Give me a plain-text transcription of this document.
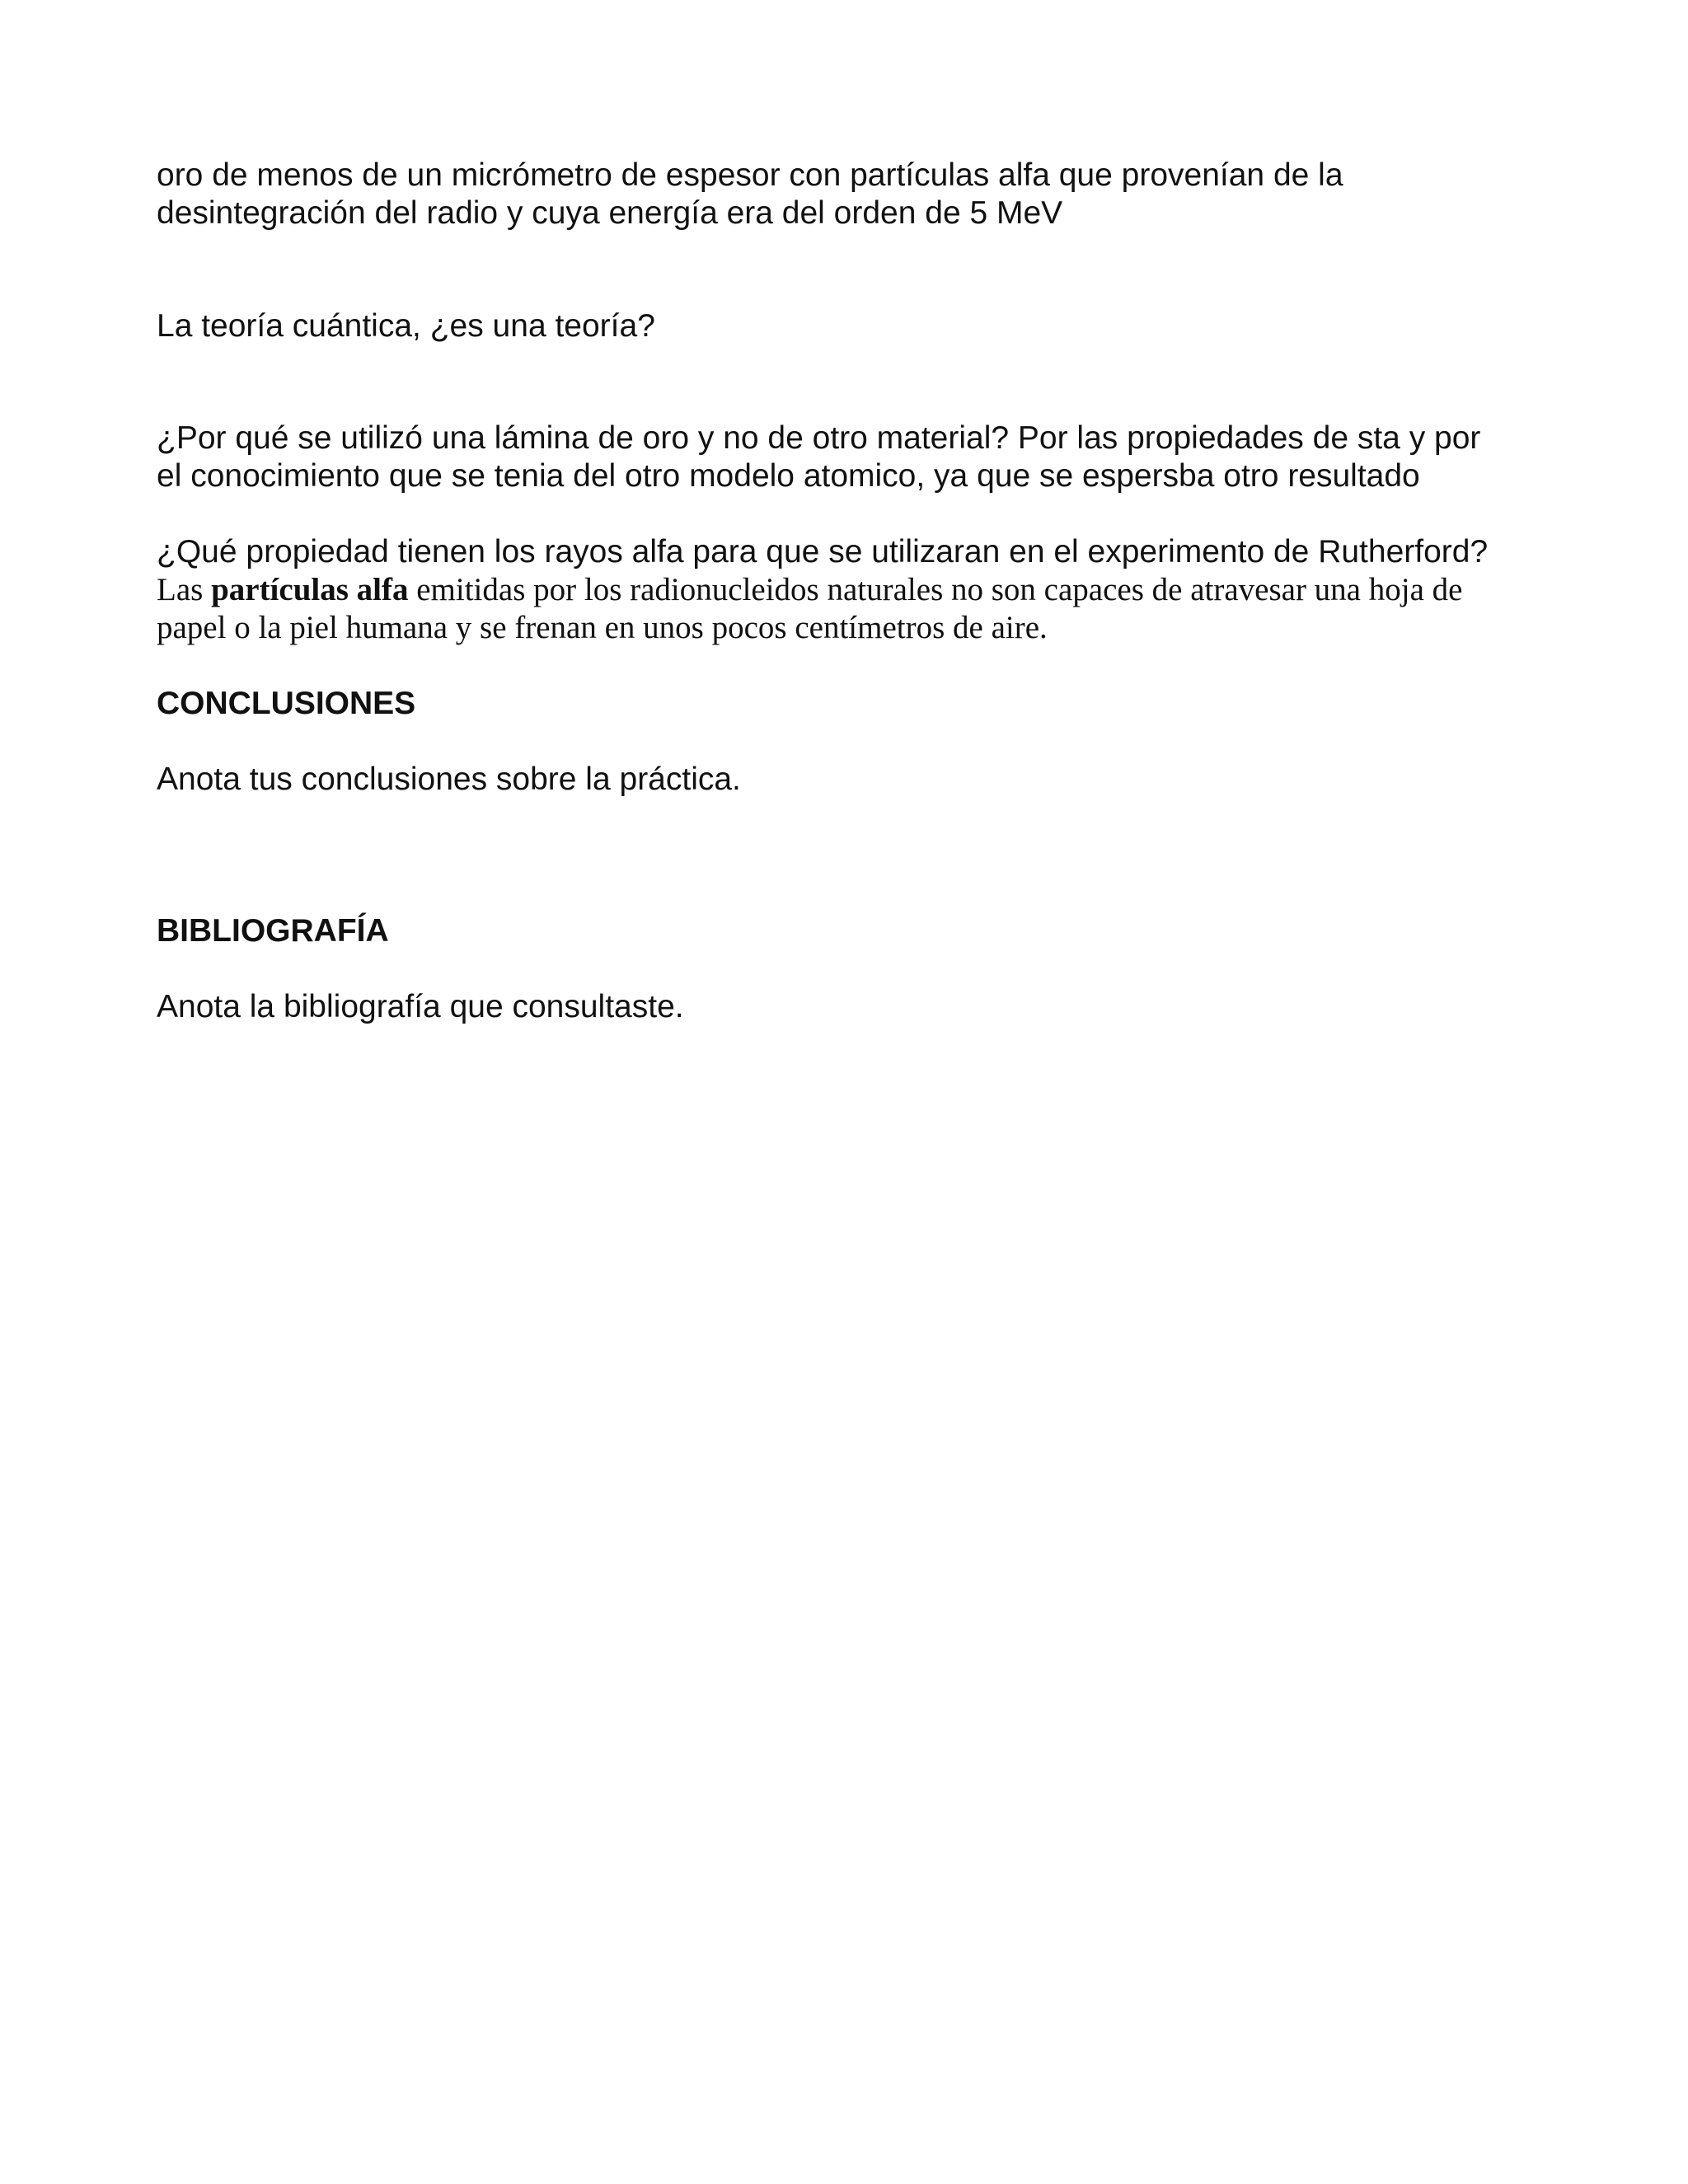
oro de menos de un micrómetro de espesor con partículas alfa que provenían de la
desintegración del radio y cuya energía era del orden de 5 MeV

La teoría cuántica, ¿es una teoría?

¿Por qué se utilizó una lámina de oro y no de otro material? Por las propiedades de sta y por
el conocimiento que se tenia del otro modelo atomico, ya que se espersba otro resultado

¿Qué propiedad tienen los rayos alfa para que se utilizaran en el experimento de Rutherford?

Las partículas alfa emitidas por los radionucleidos naturales no son capaces de atravesar una hoja de
papel o la piel humana y se frenan en unos pocos centímetros de aire.

CONCLUSIONES

Anota tus conclusiones sobre la práctica.

BIBLIOGRAFÍA

Anota la bibliografía que consultaste.
